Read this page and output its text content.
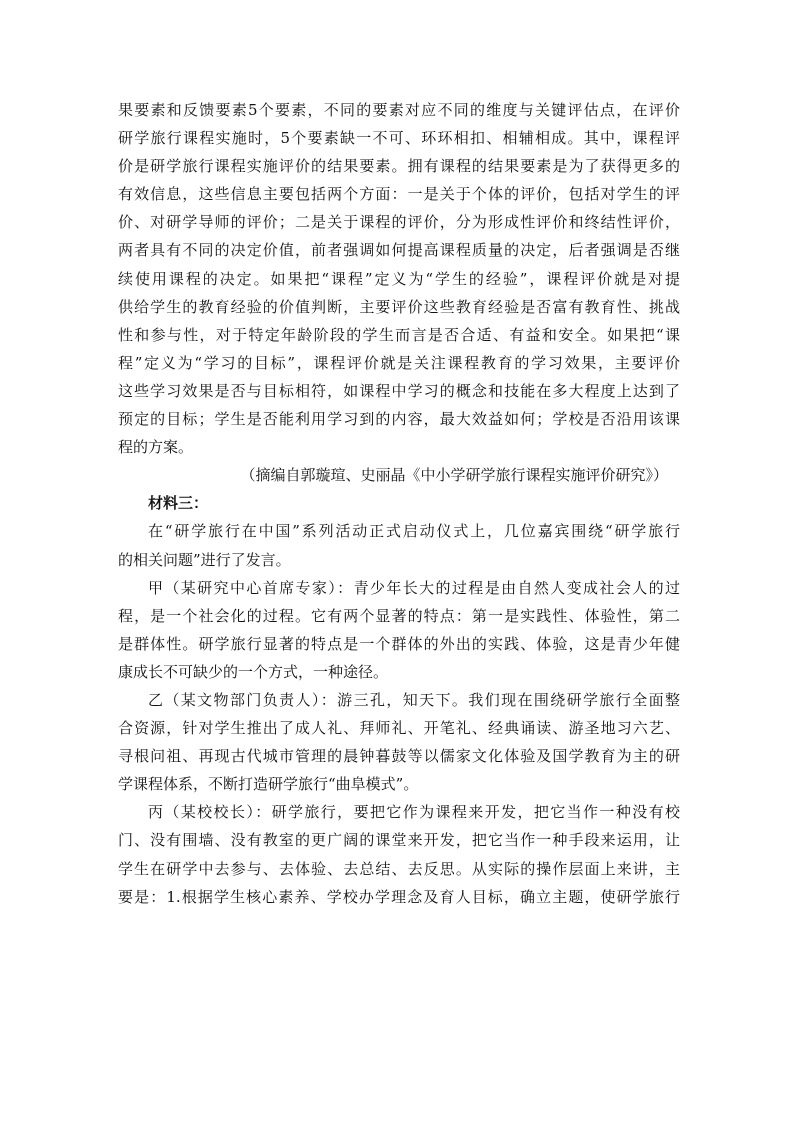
果要素和反馈要素5个要素，不同的要素对应不同的维度与关键评估点，在评价
研学旅行课程实施时，5个要素缺一不可、环环相扣、相辅相成。其中，课程评
价是研学旅行课程实施评价的结果要素。拥有课程的结果要素是为了获得更多的
有效信息，这些信息主要包括两个方面：一是关于个体的评价，包括对学生的评
价、对研学导师的评价；二是关于课程的评价，分为形成性评价和终结性评价，
两者具有不同的决定价值，前者强调如何提高课程质量的决定，后者强调是否继
续使用课程的决定。如果把“课程”定义为“学生的经验”，课程评价就是对提
供给学生的教育经验的价值判断，主要评价这些教育经验是否富有教育性、挑战
性和参与性，对于特定年龄阶段的学生而言是否合适、有益和安全。如果把“课
程”定义为“学习的目标”，课程评价就是关注课程教育的学习效果，主要评价
这些学习效果是否与目标相符，如课程中学习的概念和技能在多大程度上达到了
预定的目标；学生是否能利用学习到的内容，最大效益如何；学校是否沿用该课
程的方案。
（摘编自郭璇瑄、史丽晶《中小学研学旅行课程实施评价研究》）
材料三：
在“研学旅行在中国”系列活动正式启动仪式上，几位嘉宾围绕“研学旅行
的相关问题”进行了发言。
甲（某研究中心首席专家）：青少年长大的过程是由自然人变成社会人的过
程，是一个社会化的过程。它有两个显著的特点：第一是实践性、体验性，第二
是群体性。研学旅行显著的特点是一个群体的外出的实践、体验，这是青少年健
康成长不可缺少的一个方式，一种途径。
乙（某文物部门负责人）：游三孔，知天下。我们现在围绕研学旅行全面整
合资源，针对学生推出了成人礼、拜师礼、开笔礼、经典诵读、游圣地习六艺、
寻根问祖、再现古代城市管理的晨钟暮鼓等以儒家文化体验及国学教育为主的研
学课程体系，不断打造研学旅行“曲阜模式”。
丙（某校校长）：研学旅行，要把它作为课程来开发，把它当作一种没有校
门、没有围墙、没有教室的更广阔的课堂来开发，把它当作一种手段来运用，让
学生在研学中去参与、去体验、去总结、去反思。从实际的操作层面上来讲，主
要是：1.根据学生核心素养、学校办学理念及育人目标，确立主题，使研学旅行
